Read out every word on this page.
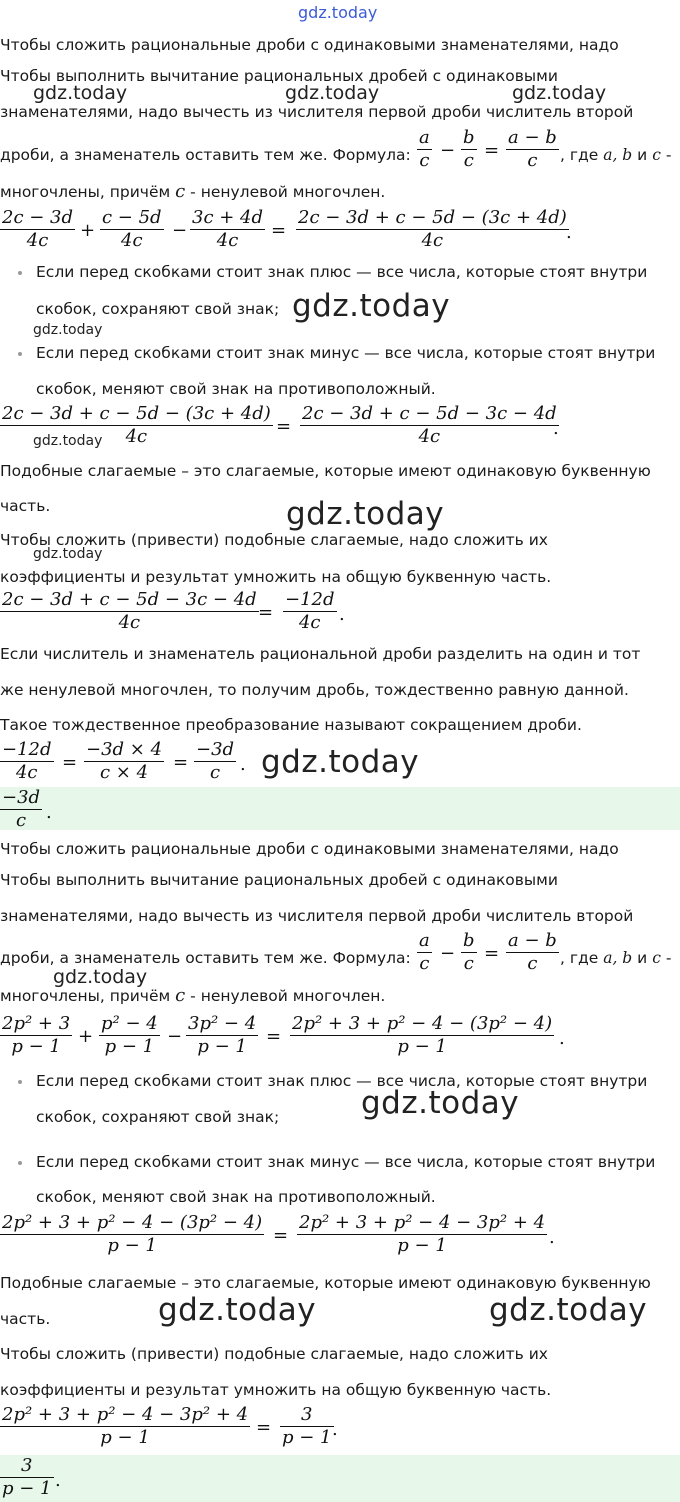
gdz.today
Чтобы сложить рациональные дроби с одинаковыми знаменателями, надо
Чтобы выполнить вычитание рациональных дробей с одинаковыми
gdz.today	gdz.today	gdz.today
знаменателями, надо вычесть из числителя первой дроби числитель второй
дроби, а знаменатель оставить тем же. Формула: $\frac{a}{c} - \frac{b}{c} = \frac{a - b}{c}$ , где a, b и c -
многочлены, причём c - ненулевой многочлен.
$\frac{2c - 3d}{4c} + \frac{c - 5d}{4c} - \frac{3c + 4d}{4c} = \frac{2c - 3d + c - 5d - (3c + 4d)}{4c}$
.
Если перед скобками стоит знак плюс — все числа, которые стоят внутри
скобок, сохраняют свой знак; gdz.today
gdz.today
Если перед скобками стоит знак минус — все числа, которые стоят внутри
скобок, меняют свой знак на противоположный.
$\frac{2c - 3d + c - 5d - (3c + 4d)}{4c}$
gdz.today
= $\frac{2c - 3d + c - 5d - 3c - 4d}{4c}$
.
Подобные слагаемые – это слагаемые, которые имеют одинаковую буквенную
часть.	gdz.today
Чтобы сложить (привести) подобные слагаемые, надо сложить их
gdz.today
коэффициенты и результат умножить на общую буквенную часть.
$\frac{2c - 3d + c - 5d - 3c - 4d}{4c} = \frac{-12d}{4c}$ .
Если числитель и знаменатель рациональной дроби разделить на один и тот
же ненулевой многочлен, то получим дробь, тождественно равную данной.
Такое тождественное преобразование называют сокращением дроби.
$\frac{-12d}{4c} = \frac{-3d \times 4}{c \times 4} = \frac{-3d}{c}$ . gdz.today
$\frac{-3d}{c}$ .
Чтобы сложить рациональные дроби с одинаковыми знаменателями, надо
Чтобы выполнить вычитание рациональных дробей с одинаковыми
знаменателями, надо вычесть из числителя первой дроби числитель второй
дроби, а знаменатель оставить тем же. Формула: $\frac{a}{c} - \frac{b}{c} = \frac{a - b}{c}$ , где a, b и c -
gdz.today
многочлены, причём c - ненулевой многочлен.
$\frac{\text{2p² + 3}}{p - 1} + \frac{\text{p² − 4}}{p - 1} - \frac{\text{3p² − 4}}{p - 1} = \frac{\text{2p² + 3 + p² − 4 − (3p² − 4)}}{p - 1}$ .
Если перед скобками стоит знак плюс — все числа, которые стоят внутри
скобок, сохраняют свой знак;	gdz.today
Если перед скобками стоит знак минус — все числа, которые стоят внутри
скобок, меняют свой знак на противоположный.
$\frac{\text{2p² + 3 + p² − 4 − (3p² − 4)}}{p - 1} = \frac{\text{2p² + 3 + p² − 4 − 3p² + 4}}{p - 1}$ .
Подобные слагаемые – это слагаемые, которые имеют одинаковую буквенную
часть.	gdz.today	gdz.today
Чтобы сложить (привести) подобные слагаемые, надо сложить их
коэффициенты и результат умножить на общую буквенную часть.
$\frac{\text{2p² + 3 + p² − 4 − 3p² + 4}}{p - 1} = \frac{3}{p - 1}$
.
$\frac{3}{p - 1}$ .
